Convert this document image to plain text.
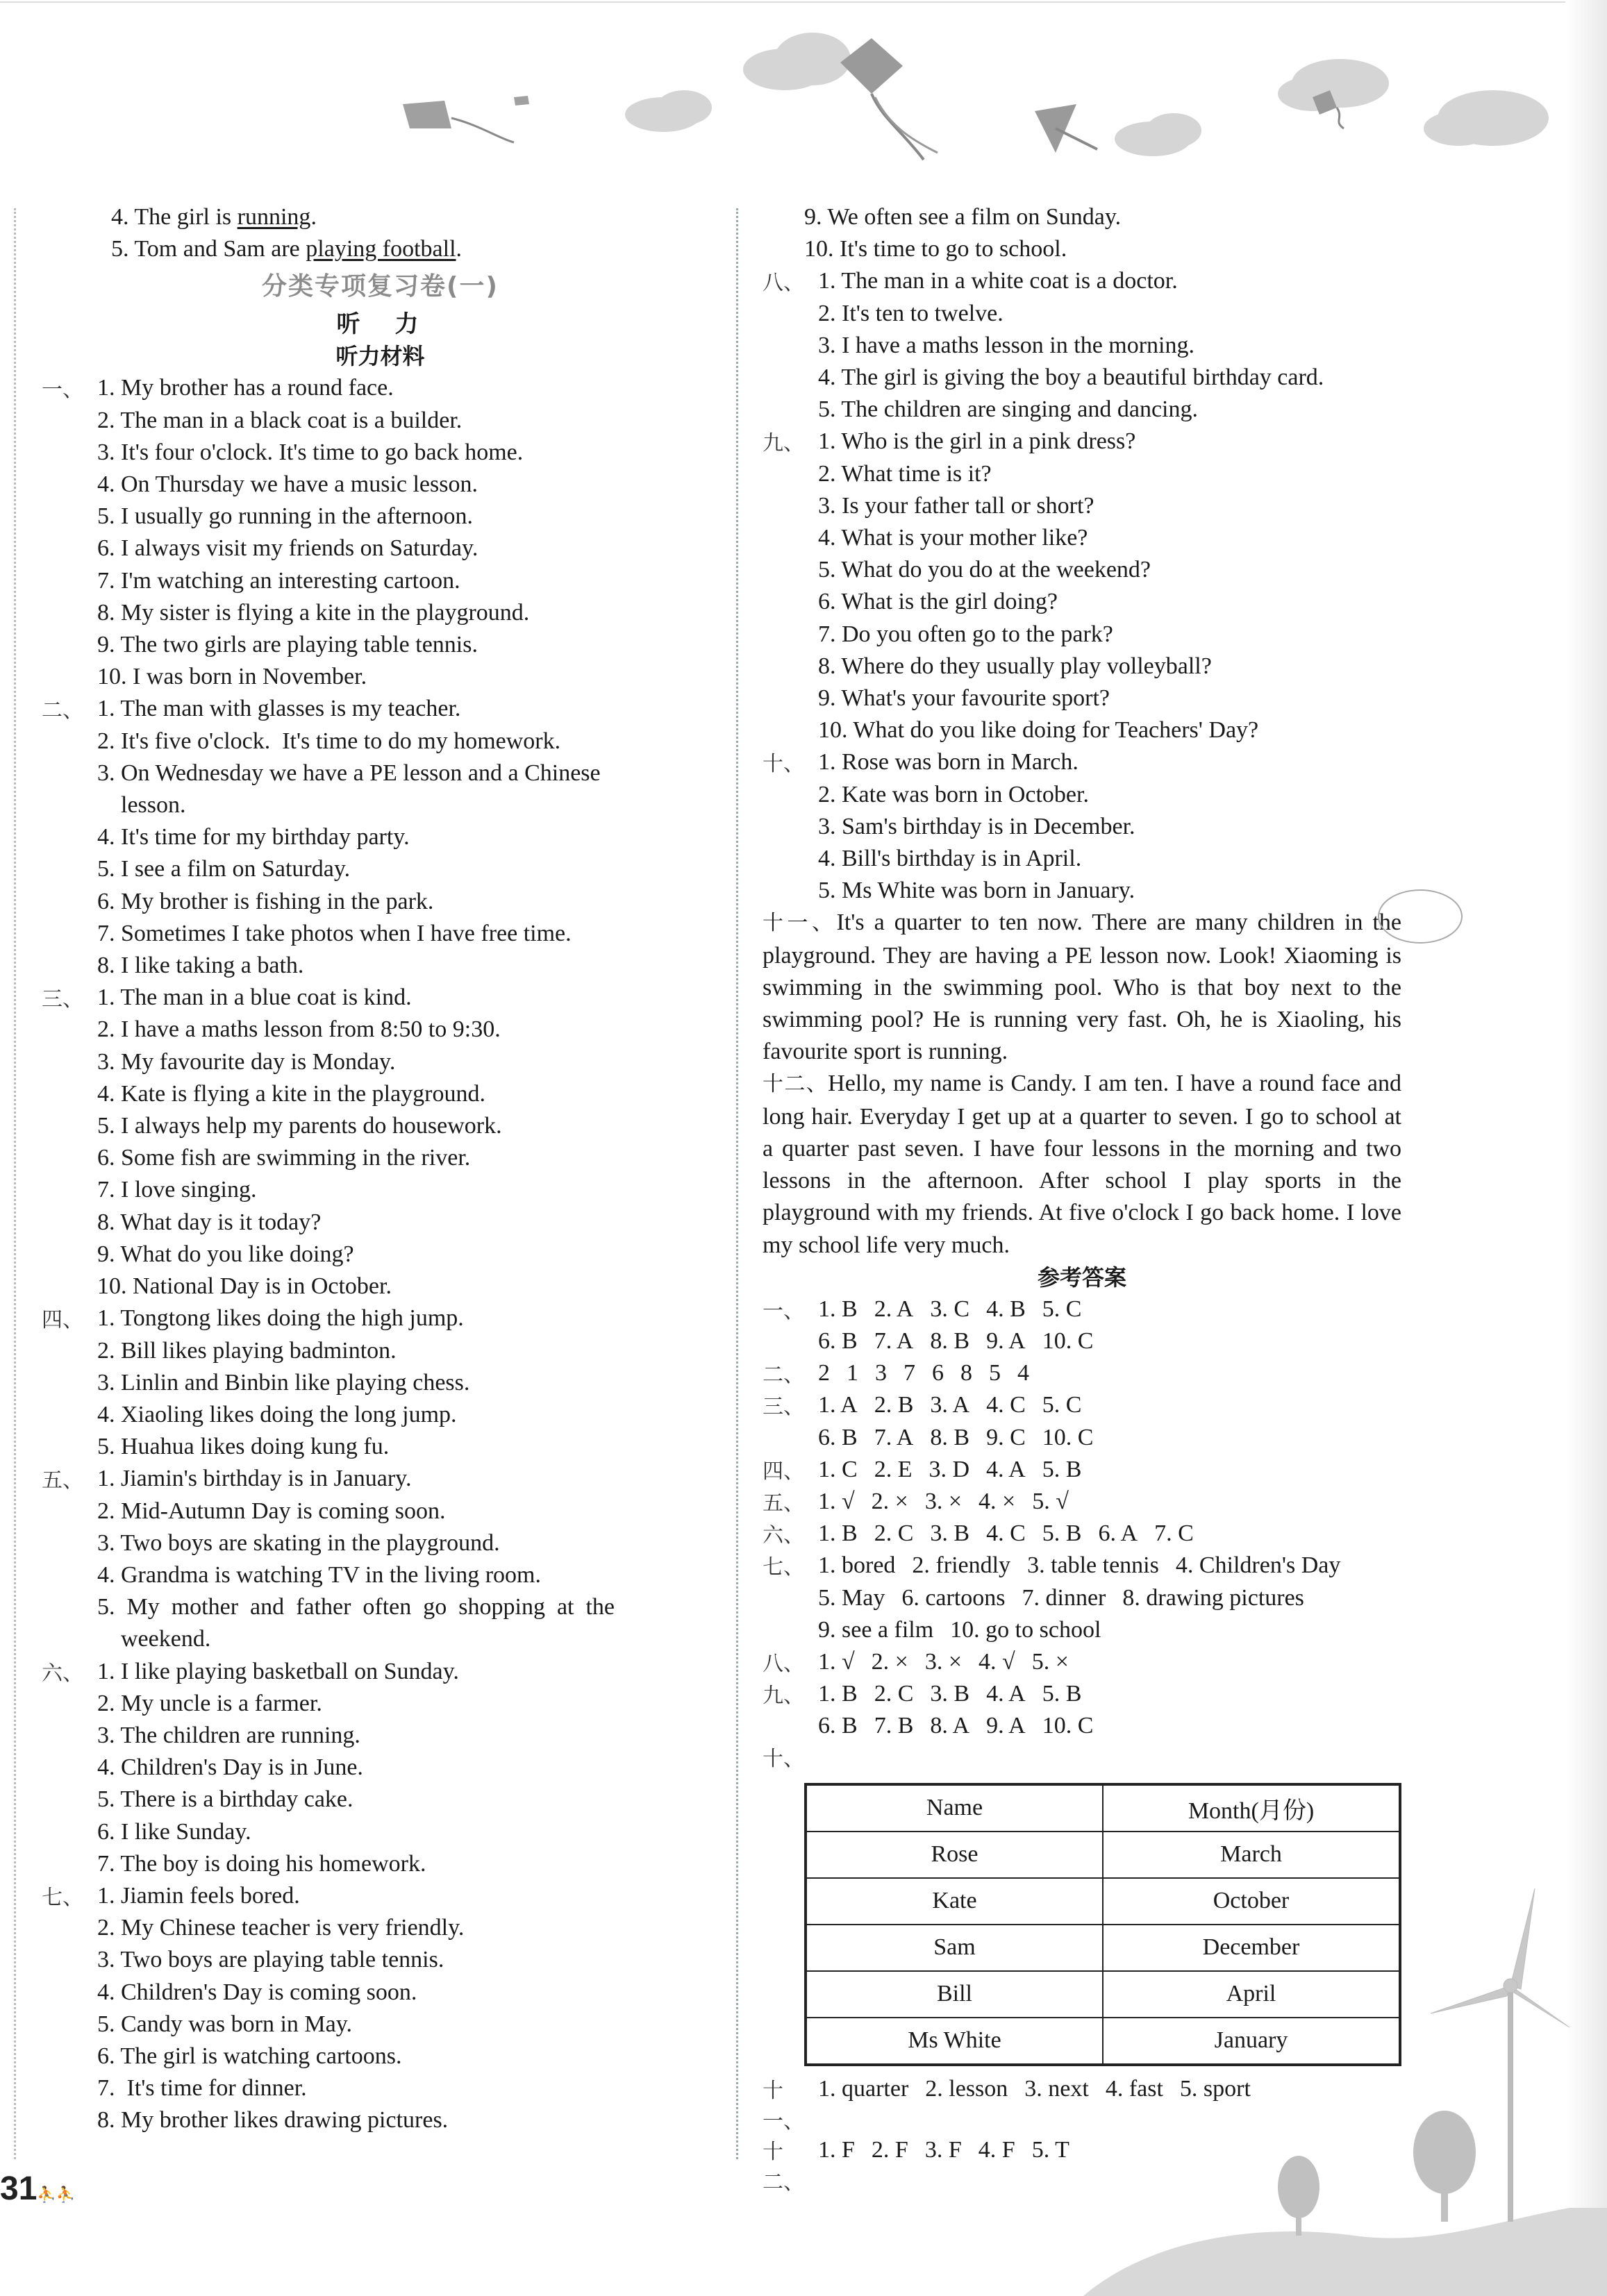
4. The girl is running.
5. Tom and Sam are playing football.
分类专项复习卷(一)
听　力
听力材料
一、 1. My brother has a round face.
2. The man in a black coat is a builder.
3. It's four o'clock. It's time to go back home.
4. On Thursday we have a music lesson.
5. I usually go running in the afternoon.
6. I always visit my friends on Saturday.
7. I'm watching an interesting cartoon.
8. My sister is flying a kite in the playground.
9. The two girls are playing table tennis.
10. I was born in November.
二、 1. The man with glasses is my teacher.
2. It's five o'clock.  It's time to do my homework.
3. On Wednesday we have a PE lesson and a Chinese
lesson.
4. It's time for my birthday party.
5. I see a film on Saturday.
6. My brother is fishing in the park.
7. Sometimes I take photos when I have free time.
8. I like taking a bath.
三、 1. The man in a blue coat is kind.
2. I have a maths lesson from 8:50 to 9:30.
3. My favourite day is Monday.
4. Kate is flying a kite in the playground.
5. I always help my parents do housework.
6. Some fish are swimming in the river.
7. I love singing.
8. What day is it today?
9. What do you like doing?
10. National Day is in October.
四、 1. Tongtong likes doing the high jump.
2. Bill likes playing badminton.
3. Linlin and Binbin like playing chess.
4. Xiaoling likes doing the long jump.
5. Huahua likes doing kung fu.
五、 1. Jiamin's birthday is in January.
2. Mid-Autumn Day is coming soon.
3. Two boys are skating in the playground.
4. Grandma is watching TV in the living room.
5.  My  mother  and  father  often  go  shopping  at  the
weekend.
六、 1. I like playing basketball on Sunday.
2. My uncle is a farmer.
3. The children are running.
4. Children's Day is in June.
5. There is a birthday cake.
6. I like Sunday.
7. The boy is doing his homework.
七、 1. Jiamin feels bored.
2. My Chinese teacher is very friendly.
3. Two boys are playing table tennis.
4. Children's Day is coming soon.
5. Candy was born in May.
6. The girl is watching cartoons.
7.  It's time for dinner.
8. My brother likes drawing pictures.
9. We often see a film on Sunday.
10. It's time to go to school.
八、 1. The man in a white coat is a doctor.
2. It's ten to twelve.
3. I have a maths lesson in the morning.
4. The girl is giving the boy a beautiful birthday card.
5. The children are singing and dancing.
九、 1. Who is the girl in a pink dress?
2. What time is it?
3. Is your father tall or short?
4. What is your mother like?
5. What do you do at the weekend?
6. What is the girl doing?
7. Do you often go to the park?
8. Where do they usually play volleyball?
9. What's your favourite sport?
10. What do you like doing for Teachers' Day?
十、 1. Rose was born in March.
2. Kate was born in October.
3. Sam's birthday is in December.
4. Bill's birthday is in April.
5. Ms White was born in January.
十一、It's a quarter to ten now. There are many children in the playground. They are having a PE lesson now. Look! Xiaoming is swimming in the swimming pool. Who is that boy next to the swimming pool? He is running very fast. Oh, he is Xiaoling, his favourite sport is running.
十二、Hello, my name is Candy. I am ten. I have a round face and long hair. Everyday I get up at a quarter to seven. I go to school at a quarter past seven. I have four lessons in the morning and two lessons in the afternoon. After school I play sports in the playground with my friends. At five o'clock I go back home. I love my school life very much.
参考答案
一、 1. B 2. A 3. C 4. B 5. C
6. B 7. A 8. B 9. A 10. C
二、 2 1 3 7 6 8 5 4
三、 1. A 2. B 3. A 4. C 5. C
6. B 7. A 8. B 9. C 10. C
四、 1. C 2. E 3. D 4. A 5. B
五、 1. √ 2. × 3. × 4. × 5. √
六、 1. B 2. C 3. B 4. C 5. B 6. A 7. C
七、 1. bored 2. friendly 3. table tennis 4. Children's Day
5. May 6. cartoons 7. dinner 8. drawing pictures
9. see a film 10. go to school
八、 1. √ 2. × 3. × 4. √ 5. ×
九、 1. B 2. C 3. B 4. A 5. B
6. B 7. B 8. A 9. A 10. C
十、
Name	Month(月份)
Rose	March
Kate	October
Sam	December
Bill	April
Ms White	January
十一、
1. quarter 2. lesson 3. next 4. fast 5. sport
十二、
1. F 2. F 3. F 4. F 5. T
31⛹⛹
